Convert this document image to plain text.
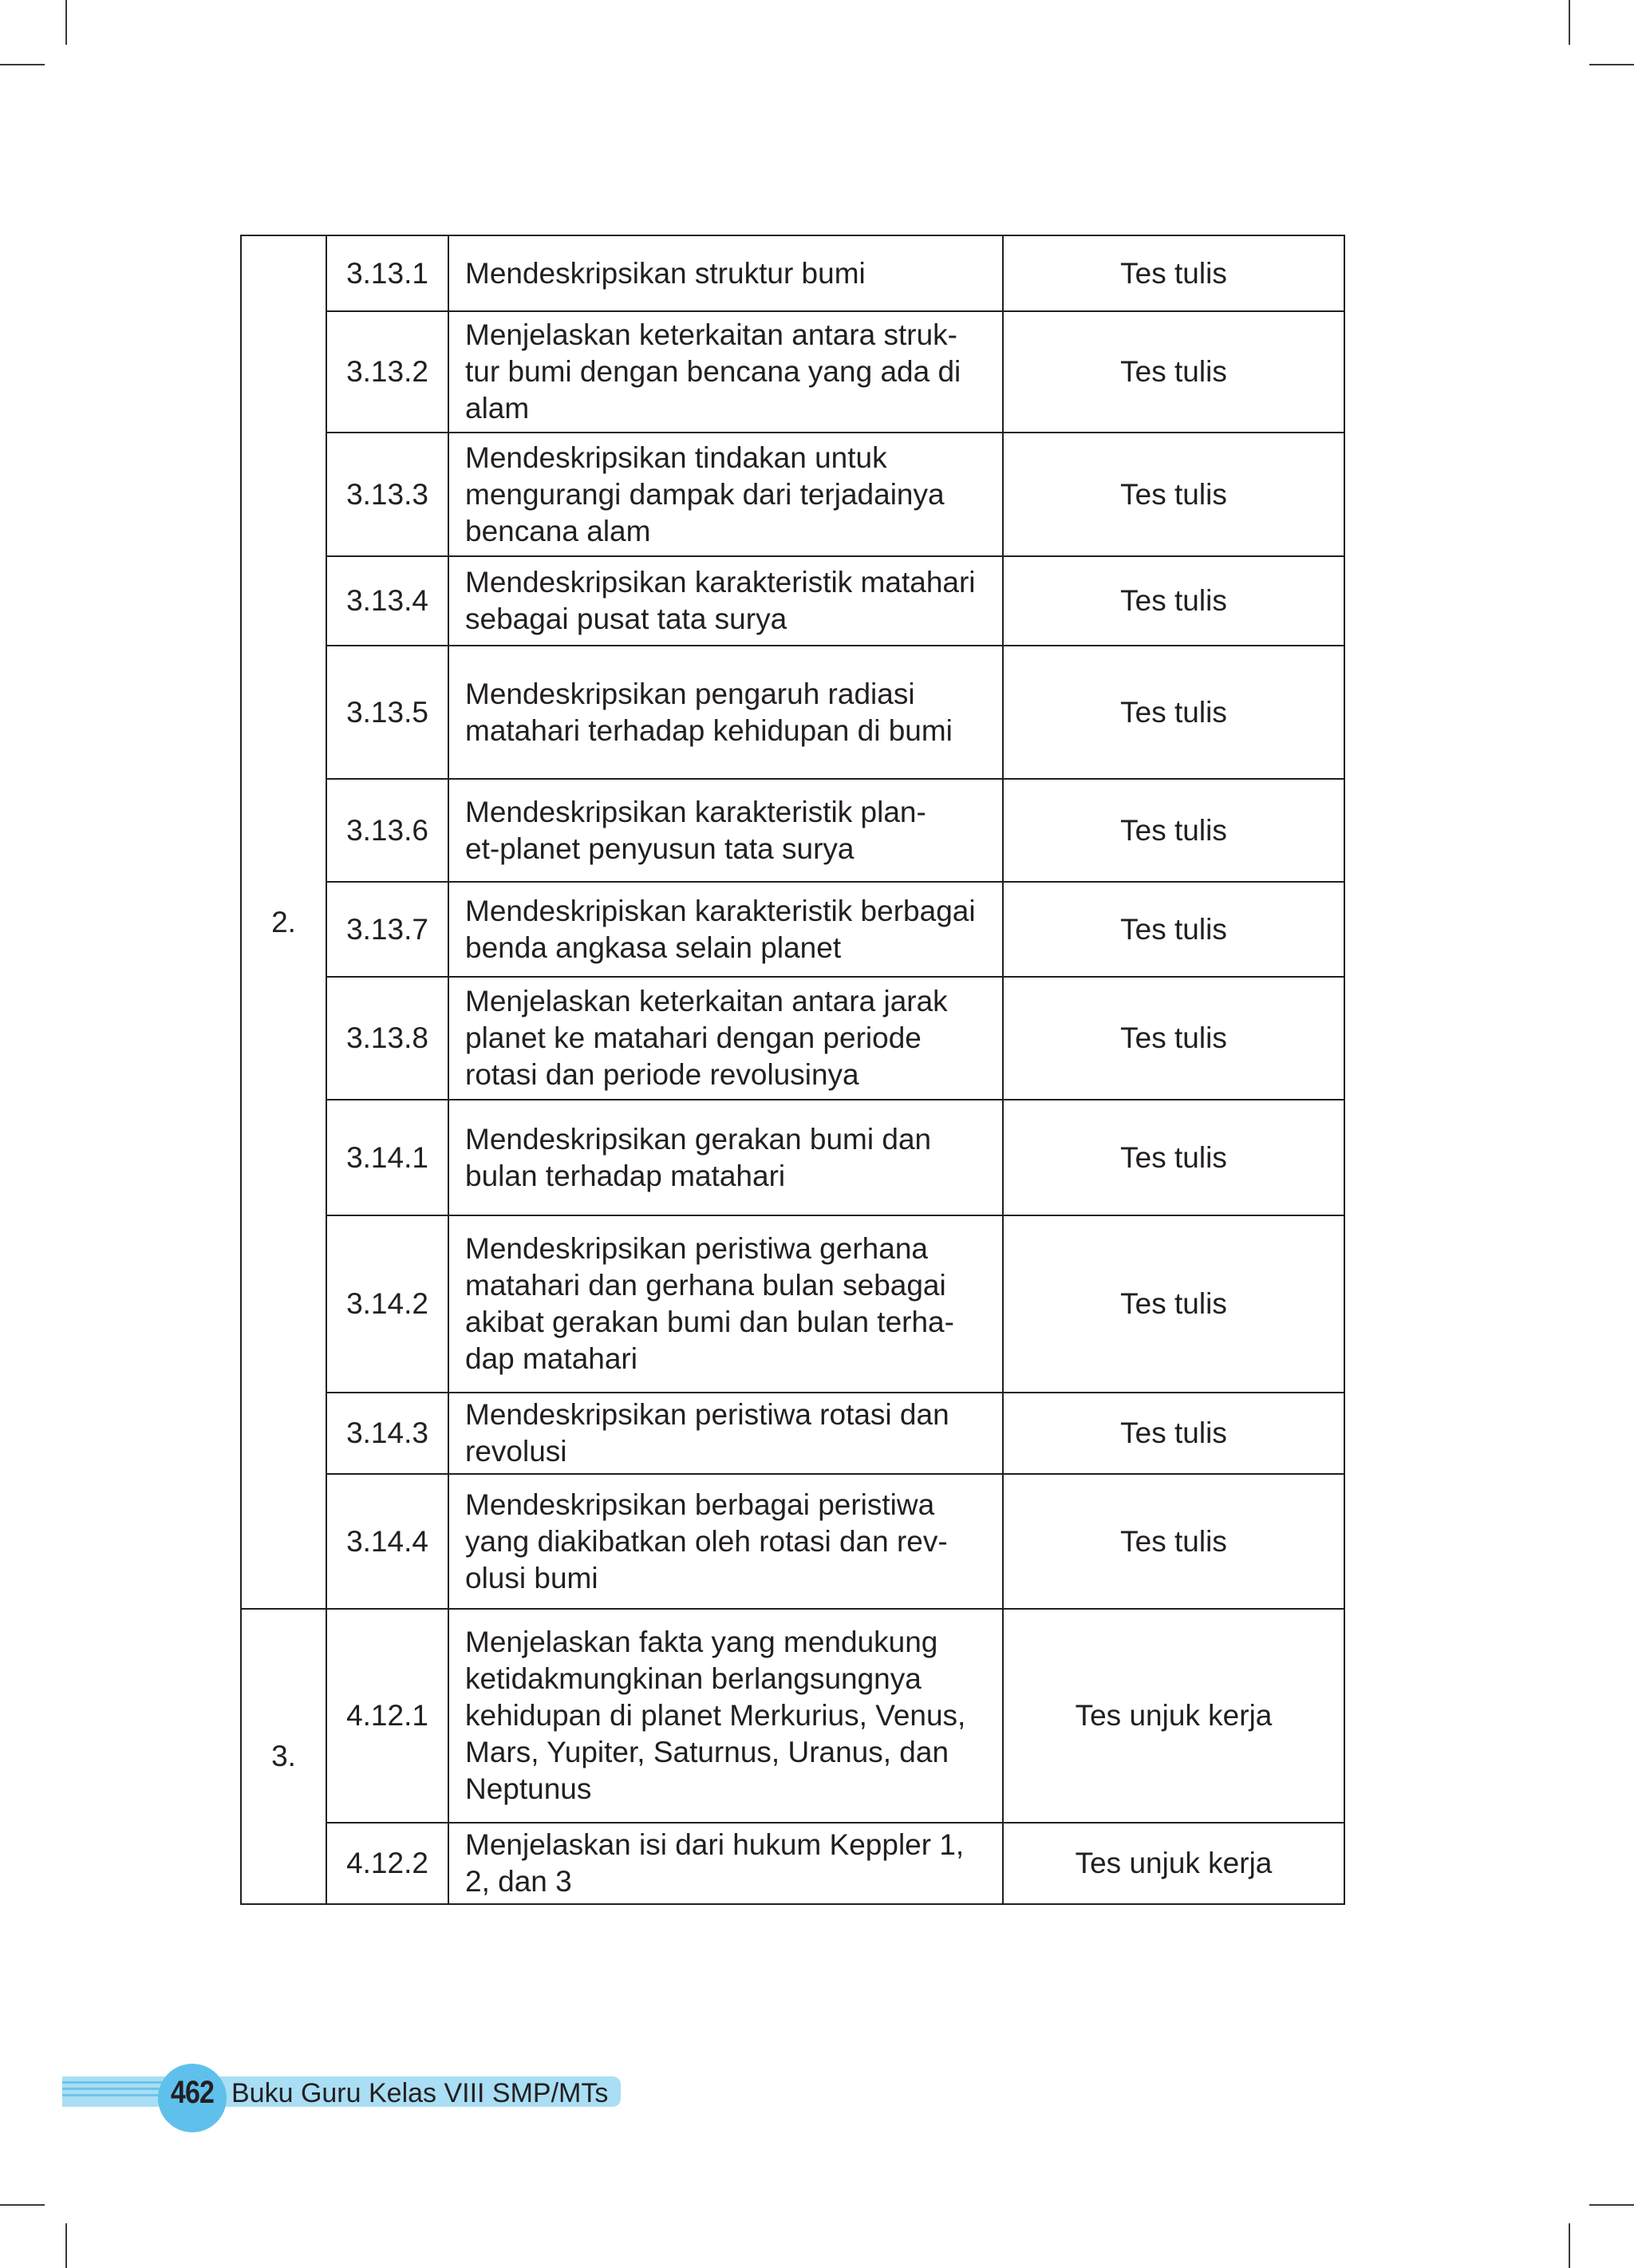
2.	3.13.1	Mendeskripsikan struktur bumi	Tes tulis
	3.13.2	Menjelaskan keterkaitan antara struk-
tur bumi dengan bencana yang ada di
alam	Tes tulis
	3.13.3	Mendeskripsikan tindakan untuk
mengurangi dampak dari terjadainya
bencana alam	Tes tulis
	3.13.4	Mendeskripsikan karakteristik matahari
sebagai pusat tata surya	Tes tulis
	3.13.5	Mendeskripsikan pengaruh radiasi
matahari terhadap kehidupan di bumi	Tes tulis
	3.13.6	Mendeskripsikan karakteristik plan-
et-planet penyusun tata surya	Tes tulis
	3.13.7	Mendeskripiskan karakteristik berbagai
benda angkasa selain planet	Tes tulis
	3.13.8	Menjelaskan keterkaitan antara jarak
planet ke matahari dengan periode
rotasi dan periode revolusinya	Tes tulis
	3.14.1	Mendeskripsikan gerakan bumi dan
bulan terhadap matahari	Tes tulis
	3.14.2	Mendeskripsikan peristiwa gerhana
matahari dan gerhana bulan sebagai
akibat gerakan bumi dan bulan terha-
dap matahari	Tes tulis
	3.14.3	Mendeskripsikan peristiwa rotasi dan
revolusi	Tes tulis
	3.14.4	Mendeskripsikan berbagai peristiwa
yang diakibatkan oleh rotasi dan rev-
olusi bumi	Tes tulis
3.	4.12.1	Menjelaskan fakta yang mendukung
ketidakmungkinan berlangsungnya
kehidupan di planet Merkurius, Venus,
Mars, Yupiter, Saturnus, Uranus, dan
Neptunus	Tes unjuk kerja
	4.12.2	Menjelaskan isi dari hukum Keppler 1,
2, dan 3	Tes unjuk kerja
462 Buku Guru Kelas VIII SMP/MTs
